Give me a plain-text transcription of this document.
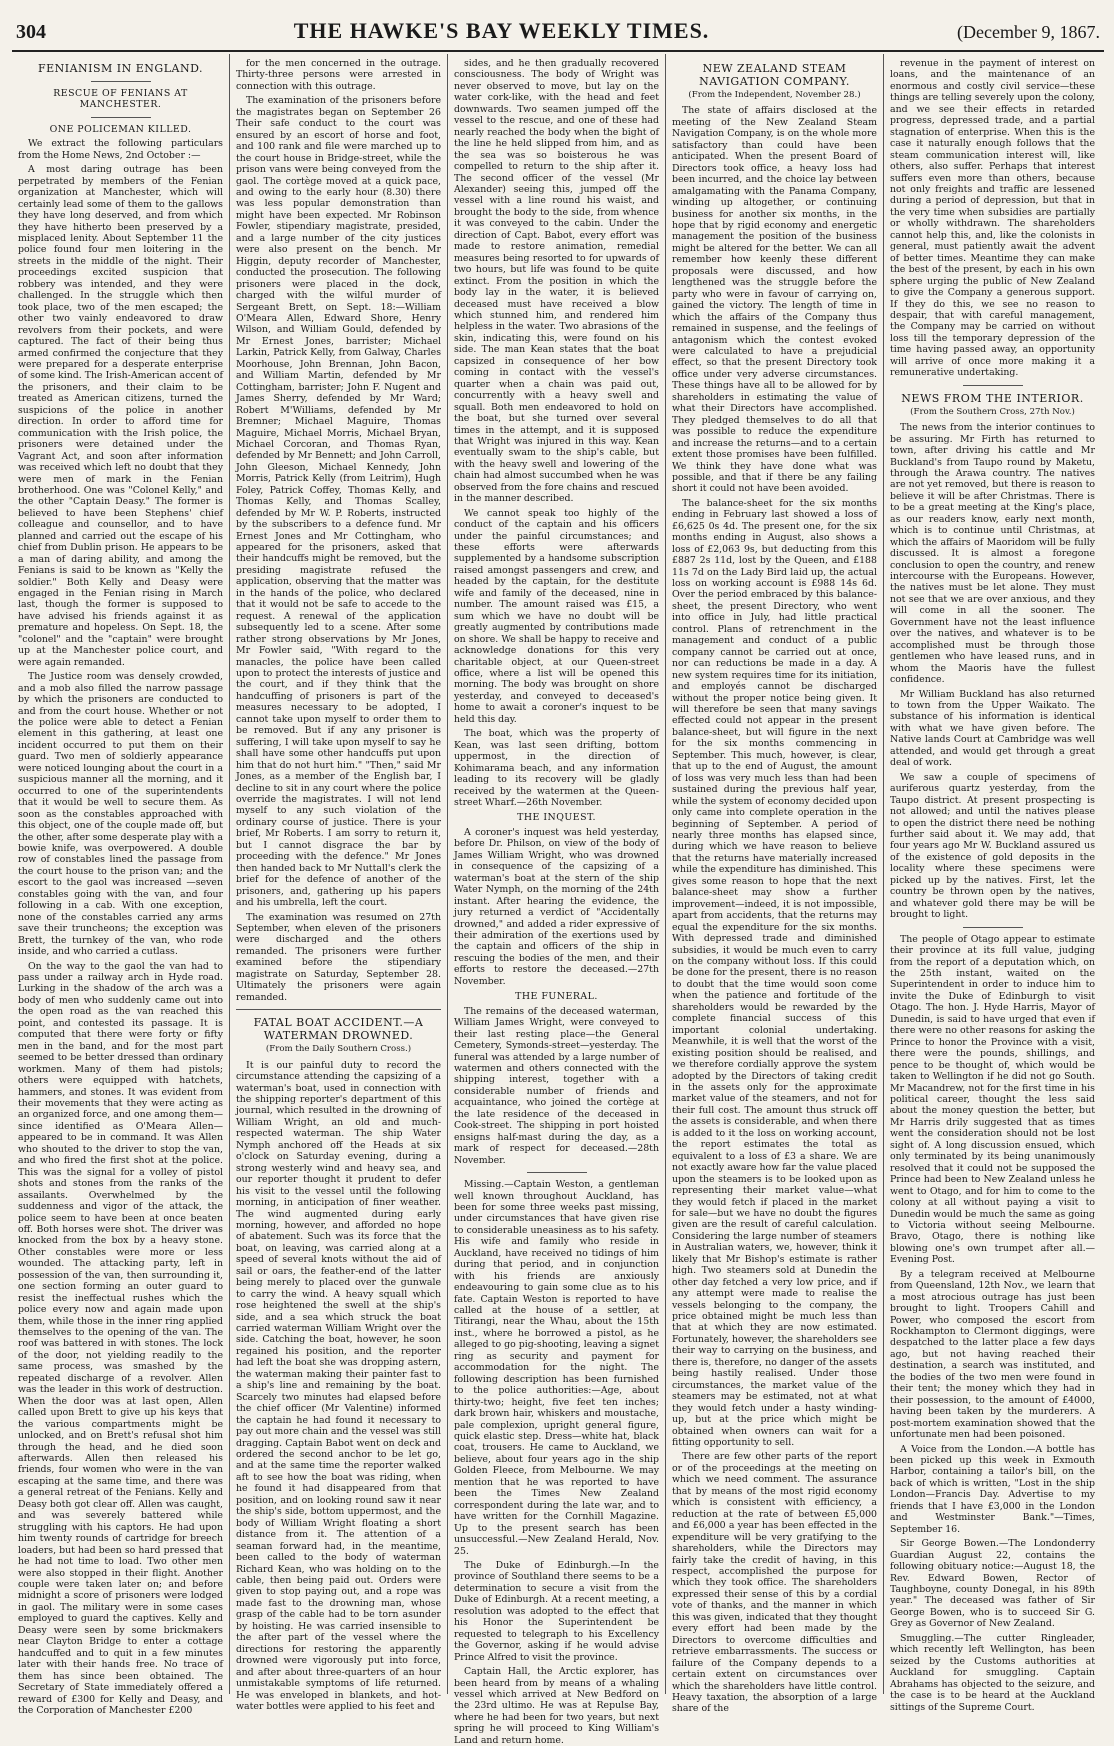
304	THE HAWKE'S BAY WEEKLY TIMES.	(December 9, 1867.
FENIANISM IN ENGLAND.
RESCUE OF FENIANS AT MANCHESTER.
ONE POLICEMAN KILLED.

We extract the following particulars from the Home News, 2nd October :—

A most daring outrage has been perpetrated by members of the Fenian organization at Manchester, which will certainly lead some of them to the gallows they have long deserved, and from which they have hitherto been preserved by a misplaced lenity. About September 11 the police found four men loitering in the streets in the middle of the night. Their proceedings excited suspicion that robbery was intended, and they were challenged. In the struggle which then took place, two of the men escaped; the other two vainly endeavored to draw revolvers from their pockets, and were captured. The fact of their being thus armed confirmed the conjecture that they were prepared for a desperate enterprise of some kind. The Irish-American accent of the prisoners, and their claim to be treated as American citizens, turned the suspicions of the police in another direction. In order to afford time for communication with the Irish police, the prisoners were detained under the Vagrant Act, and soon after information was received which left no doubt that they were men of mark in the Fenian brotherhood. One was "Colonel Kelly," and the other "Captain Deasy." The former is believed to have been Stephens' chief colleague and counsellor, and to have planned and carried out the escape of his chief from Dublin prison. He appears to be a man of daring ability, and among the Fenians is said to be known as "Kelly the soldier." Both Kelly and Deasy were engaged in the Fenian rising in March last, though the former is supposed to have advised his friends against it as premature and hopeless. On Sept. 18, the "colonel" and the "captain" were brought up at the Manchester police court, and were again remanded.

The Justice room was densely crowded, and a mob also filled the narrow passage by which the prisoners are conducted to and from the court house. Whether or not the police were able to detect a Fenian element in this gathering, at least one incident occurred to put them on their guard. Two men of soldierly appearance were noticed lounging about the court in a suspicious manner all the morning, and it occurred to one of the superintendents that it would be well to secure them. As soon as the constables approached with this object, one of the couple made off, but the other, after some desperate play with a bowie knife, was overpowered. A double row of constables lined the passage from the court house to the prison van; and the escort to the gaol was increased —seven constables going with the van, and four following in a cab. With one exception, none of the constables carried any arms save their truncheons; the exception was Brett, the turnkey of the van, who rode inside, and who carried a cutlass.

On the way to the gaol the van had to pass under a railway arch in Hyde road. Lurking in the shadow of the arch was a body of men who suddenly came out into the open road as the van reached this point, and contested its passage. It is computed that there were forty or fifty men in the band, and for the most part seemed to be better dressed than ordinary workmen. Many of them had pistols; others were equipped with hatchets, hammers, and stones. It was evident from their movements that they were acting as an organized force, and one among them—since identified as O'Meara Allen—appeared to be in command. It was Allen who shouted to the driver to stop the van, and who fired the first shot at the police. This was the signal for a volley of pistol shots and stones from the ranks of the assailants. Overwhelmed by the suddenness and vigor of the attack, the police seem to have been at once beaten off. Both horses were shot. The driver was knocked from the box by a heavy stone. Other constables were more or less wounded. The attacking party, left in possession of the van, then surrounding it, one section forming an outer guard to resist the ineffectual rushes which the police every now and again made upon them, while those in the inner ring applied themselves to the opening of the van. The roof was battered in with stones. The lock of the door, not yielding readily to the same process, was smashed by the repeated discharge of a revolver. Allen was the leader in this work of destruction. When the door was at last open, Allen called upon Brett to give up his keys that the various compartments might be unlocked, and on Brett's refusal shot him through the head, and he died soon afterwards. Allen then released his friends, four women who were in the van escaping at the same time, and there was a general retreat of the Fenians. Kelly and Deasy both got clear off. Allen was caught, and was severely battered while struggling with his captors. He had upon him twenty rounds of cartridge for breech loaders, but had been so hard pressed that he had not time to load. Two other men were also stopped in their flight. Another couple were taken later on; and before midnight a score of prisoners were lodged in gaol. The military were in some cases employed to guard the captives. Kelly and Deasy were seen by some brickmakers near Clayton Bridge to enter a cottage handcuffed and to quit in a few minutes later with their hands free. No trace of them has since been obtained. The Secretary of State immediately offered a reward of £300 for Kelly and Deasy, and the Corporation of Manchester £200

for the men concerned in the outrage. Thirty-three persons were arrested in connection with this outrage.

The examination of the prisoners before the magistrates began on September 26 Their safe conduct to the court was ensured by an escort of horse and foot, and 100 rank and file were marched up to the court house in Bridge-street, while the prison vans were being conveyed from the gaol. The cortège moved at a quick pace, and owing to the early hour (8.30) there was less popular demonstration than might have been expected. Mr Robinson Fowler, stipendiary magistrate, presided, and a large number of the city justices were also present on the bench. Mr Higgin, deputy recorder of Manchester, conducted the prosecution. The following prisoners were placed in the dock, charged with the wilful murder of Sergeant Brett, on Sept. 18:—William O'Meara Allen, Edward Shore, Henry Wilson, and William Gould, defended by Mr Ernest Jones, barrister; Michael Larkin, Patrick Kelly, from Galway, Charles Moorhouse, John Brennan, John Bacon, and William Martin, defended by Mr Cottingham, barrister; John F. Nugent and James Sherry, defended by Mr Ward; Robert M'Williams, defended by Mr Bremner; Michael Maguire, Thomas Maguire, Michael Morris, Michael Bryan, Michael Corcoran, and Thomas Ryan, defended by Mr Bennett; and John Carroll, John Gleeson, Michael Kennedy, John Morris, Patrick Kelly (from Leitrim), Hugh Foley, Patrick Coffey, Thomas Kelly, and Thomas Kelly, and Thomas Scalley, defended by Mr W. P. Roberts, instructed by the subscribers to a defence fund. Mr Ernest Jones and Mr Cottingham, who appeared for the prisoners, asked that their handcuffs might be removed, but the presiding magistrate refused the application, observing that the matter was in the hands of the police, who declared that it would not be safe to accede to the request. A renewal of the application subsequently led to a scene. After some rather strong observations by Mr Jones, Mr Fowler said, "With regard to the manacles, the police have been called upon to protect the interests of justice and the court, and if they think that the handcuffing of prisoners is part of the measures necessary to be adopted, I cannot take upon myself to order them to be removed. But if any any prisoner is suffering, I will take upon myself to say he shall have some other handcuffs put upon him that do not hurt him." "Then," said Mr Jones, as a member of the English bar, I decline to sit in any court where the police override the magistrates. I will not lend myself to any such violation of the ordinary course of justice. There is your brief, Mr Roberts. I am sorry to return it, but I cannot disgrace the bar by proceeding with the defence." Mr Jones then handed back to Mr Nuttall's clerk the brief for the defence of another of the prisoners, and, gathering up his papers and his umbrella, left the court.

The examination was resumed on 27th September, when eleven of the prisoners were discharged and the others remanded. The prisoners were further examined before the stipendiary magistrate on Saturday, September 28. Ultimately the prisoners were again remanded.

FATAL BOAT ACCIDENT.—A WATERMAN DROWNED.
(From the Daily Southern Cross.)

It is our painful duty to record the circumstance attending the capsizing of a waterman's boat, used in connection with the shipping reporter's department of this journal, which resulted in the drowning of William Wright, an old and much-respected waterman. The ship Water Nymph anchored off the Heads at six o'clock on Saturday evening, during a strong westerly wind and heavy sea, and our reporter thought it prudent to defer his visit to the vessel until the following morning, in anticipation of finer weather. The wind augmented during early morning, however, and afforded no hope of abatement. Such was its force that the boat, on leaving, was carried along at a speed of several knots without the aid of sail or oars, the feather-end of the latter being merely to placed over the gunwale to carry the wind. A heavy squall which rose heightened the swell at the ship's side, and a sea which struck the boat carried waterman William Wright over the side. Catching the boat, however, he soon regained his position, and the reporter had left the boat she was dropping astern, the waterman making their painter fast to a ship's line and remaining by the boat. Scarcely two minutes had elapsed before the chief officer (Mr Valentine) informed the captain he had found it necessary to pay out more chain and the vessel was still dragging. Captain Babot went on deck and ordered the second anchor to be let go, and at the same time the reporter walked aft to see how the boat was riding, when he found it had disappeared from that position, and on looking round saw it near the ship's side, bottom uppermost, and the body of William Wright floating a short distance from it. The attention of a seaman forward had, in the meantime, been called to the body of waterman Richard Kean, who was holding on to the cable, then being paid out. Orders were given to stop paying out, and a rope was made fast to the drowning man, whose grasp of the cable had to be torn asunder by hoisting. He was carried insensible to the after part of the vessel where the directions for restoring the apparently drowned were vigorously put into force, and after about three-quarters of an hour unmistakable symptoms of life returned. He was enveloped in blankets, and hot-water bottles were applied to his feet and

sides, and he then gradually recovered consciousness. The body of Wright was never observed to move, but lay on the water cork-like, with the head and feet downwards. Two seamen jumped off the vessel to the rescue, and one of these had nearly reached the body when the bight of the line he held slipped from him, and as the sea was so boisterous he was compelled to return to the ship after it. The second officer of the vessel (Mr Alexander) seeing this, jumped off the vessel with a line round his waist, and brought the body to the side, from whence it was conveyed to the cabin. Under the direction of Capt. Babot, every effort was made to restore animation, remedial measures being resorted to for upwards of two hours, but life was found to be quite extinct. From the position in which the body lay in the water, it is believed deceased must have received a blow which stunned him, and rendered him helpless in the water. Two abrasions of the skin, indicating this, were found on his side. The man Kean states that the boat capsized in consequence of her bow coming in contact with the vessel's quarter when a chain was paid out, concurrently with a heavy swell and squall. Both men endeavored to hold on the boat, but she turned over several times in the attempt, and it is supposed that Wright was injured in this way. Kean eventually swam to the ship's cable, but with the heavy swell and lowering of the chain had almost succumbed when he was observed from the fore chains and rescued in the manner described.

We cannot speak too highly of the conduct of the captain and his officers under the painful circumstances; and these efforts were afterwards supplemented by a handsome subscription raised amongst passengers and crew, and headed by the captain, for the destitute wife and family of the deceased, nine in number. The amount raised was £15, a sum which we have no doubt will be greatly augmented by contributions made on shore. We shall be happy to receive and acknowledge donations for this very charitable object, at our Queen-street office, where a list will be opened this morning. The body was brought on shore yesterday, and conveyed to deceased's home to await a coroner's inquest to be held this day.

The boat, which was the property of Kean, was last seen drifting, bottom uppermost, in the direction of Kohimarama beach, and any information leading to its recovery will be gladly received by the watermen at the Queen-street Wharf.—26th November.

THE INQUEST.

A coroner's inquest was held yesterday, before Dr. Philson, on view of the body of James William Wright, who was drowned in consequence of the capsizing of a waterman's boat at the stern of the ship Water Nymph, on the morning of the 24th instant. After hearing the evidence, the jury returned a verdict of "Accidentally drowned," and added a rider expressive of their admiration of the exertions used by the captain and officers of the ship in rescuing the bodies of the men, and their efforts to restore the deceased.—27th November.

THE FUNERAL.

The remains of the deceased waterman, William James Wright, were conveyed to their last resting place—the General Cemetery, Symonds-street—yesterday. The funeral was attended by a large number of watermen and others connected with the shipping interest, together with a considerable number of friends and acquaintance, who joined the cortège at the late residence of the deceased in Cook-street. The shipping in port hoisted ensigns half-mast during the day, as a mark of respect for deceased.—28th November.

Missing.—Captain Weston, a gentleman well known throughout Auckland, has been for some three weeks past missing, under circumstances that have given rise to considerable uneasiness as to his safety. His wife and family who reside in Auckland, have received no tidings of him during that period, and in conjunction with his friends are anxiously endeavouring to gain some clue as to his fate. Captain Weston is reported to have called at the house of a settler, at Titirangi, near the Whau, about the 15th inst., where he borrowed a pistol, as he alleged to go pig-shooting, leaving a signet ring as security and payment for accommodation for the night. The following description has been furnished to the police authorities:—Age, about thirty-two; height, five feet ten inches; dark brown hair, whiskers and moustache, pale complexion, upright general figure, quick elastic step. Dress—white hat, black coat, trousers. He came to Auckland, we believe, about four years ago in the ship Golden Fleece, from Melbourne. We may mention that he was reported to have been the Times New Zealand correspondent during the late war, and to have written for the Cornhill Magazine. Up to the present search has been unsuccessful.—New Zealand Herald, Nov. 25.

The Duke of Edinburgh.—In the province of Southland there seems to be a determination to secure a visit from the Duke of Edinburgh. At a recent meeting, a resolution was adopted to the effect that his Honor the Superintendent be requested to telegraph to his Excellency the Governor, asking if he would advise Prince Alfred to visit the province.

Captain Hall, the Arctic explorer, has been heard from by means of a whaling vessel which arrived at New Bedford on the 23rd ultimo. He was at Repulse Bay, where he had been for two years, but next spring he will proceed to King William's Land and return home.

NEW ZEALAND STEAM NAVIGATION COMPANY.
(From the Independent, November 28.)

The state of affairs disclosed at the meeting of the New Zealand Steam Navigation Company, is on the whole more satisfactory than could have been anticipated. When the present Board of Directors took office, a heavy loss had been incurred, and the choice lay between amalgamating with the Panama Company, winding up altogether, or continuing business for another six months, in the hope that by rigid economy and energetic management the position of the business might be altered for the better. We can all remember how keenly these different proposals were discussed, and how lengthened was the struggle before the party who were in favour of carrying on, gained the victory. The length of time in which the affairs of the Company thus remained in suspense, and the feelings of antagonism which the contest evoked were calculated to have a prejudicial effect, so that the present Directory took office under very adverse circumstances. These things have all to be allowed for by shareholders in estimating the value of what their Directors have accomplished. They pledged themselves to do all that was possible to reduce the expenditure and increase the returns—and to a certain extent those promises have been fulfilled. We think they have done what was possible, and that if there be any failing short it could not have been avoided.

The balance-sheet for the six months ending in February last showed a loss of £6,625 0s 4d. The present one, for the six months ending in August, also shows a loss of £2,063 9s, but deducting from this £887 2s 11d, lost by the Queen, and £188 11s 7d on the Lady Bird laid up, the actual loss on working account is £988 14s 6d. Over the period embraced by this balance-sheet, the present Directory, who went into office in July, had little practical control. Plans of retrenchment in the management and conduct of a public company cannot be carried out at once, nor can reductions be made in a day. A new system requires time for its initiation, and employés cannot be discharged without the proper notice being given. It will therefore be seen that many savings effected could not appear in the present balance-sheet, but will figure in the next for the six months commencing in September. This much, however, is clear, that up to the end of August, the amount of loss was very much less than had been sustained during the previous half year, while the system of economy decided upon only came into complete operation in the beginning of September. A period of nearly three months has elapsed since, during which we have reason to believe that the returns have materially increased while the expenditure has diminished. This gives some reason to hope that the next balance-sheet may show a further improvement—indeed, it is not impossible, apart from accidents, that the returns may equal the expenditure for the six months. With depressed trade and diminished subsidies, it would be much even to carry on the company without loss. If this could be done for the present, there is no reason to doubt that the time would soon come when the patience and fortitude of the shareholders would be rewarded by the complete financial success of this important colonial undertaking. Meanwhile, it is well that the worst of the existing position should be realised, and we therefore cordially approve the system adopted by the Directors of taking credit in the assets only for the approximate market value of the steamers, and not for their full cost. The amount thus struck off the assets is considerable, and when there is added to it the loss on working account, the report estimates the total as equivalent to a loss of £3 a share. We are not exactly aware how far the value placed upon the steamers is to be looked upon as representing their market value—what they would fetch if placed in the market for sale—but we have no doubt the figures given are the result of careful calculation. Considering the large number of steamers in Australian waters, we, however, think it likely that Mr Bishop's estimate is rather high. Two steamers sold at Dunedin the other day fetched a very low price, and if any attempt were made to realise the vessels belonging to the company, the price obtained might be much less than that at which they are now estimated. Fortunately, however, the shareholders see their way to carrying on the business, and there is, therefore, no danger of the assets being hastily realised. Under those circumstances, the market value of the steamers may be estimated, not at what they would fetch under a hasty winding-up, but at the price which might be obtained when owners can wait for a fitting opportunity to sell.

There are few other parts of the report or of the proceedings at the meeting on which we need comment. The assurance that by means of the most rigid economy which is consistent with efficiency, a reduction at the rate of between £5,000 and £6,000 a year has been effected in the expenditure will be very gratifying to the shareholders, while the Directors may fairly take the credit of having, in this respect, accomplished the purpose for which they took office. The shareholders expressed their sense of this by a cordial vote of thanks, and the manner in which this was given, indicated that they thought every effort had been made by the Directors to overcome difficulties and retrieve embarrassments. The success or failure of the Company depends to a certain extent on circumstances over which the shareholders have little control. Heavy taxation, the absorption of a large share of the

revenue in the payment of interest on loans, and the maintenance of an enormous and costly civil service—these things are telling severely upon the colony, and we see their effects in retarded progress, depressed trade, and a partial stagnation of enterprise. When this is the case it naturally enough follows that the steam communication interest will, like others, also suffer. Perhaps that interest suffers even more than others, because not only freights and traffic are lessened during a period of depression, but that in the very time when subsidies are partially or wholly withdrawn. The shareholders cannot help this, and, like the colonists in general, must patiently await the advent of better times. Meantime they can make the best of the present, by each in his own sphere urging the public of New Zealand to give the Company a generous support. If they do this, we see no reason to despair, that with careful management, the Company may be carried on without loss till the temporary depression of the time having passed away, an opportunity will arrive of once more making it a remunerative undertaking.

NEWS FROM THE INTERIOR.
(From the Southern Cross, 27th Nov.)

The news from the interior continues to be assuring. Mr Firth has returned to town, after driving his cattle and Mr Buckland's from Taupo round by Maketu, through the Arawa country. The natives are not yet removed, but there is reason to believe it will be after Christmas. There is to be a great meeting at the King's place, as our readers know, early next month, which is to continue until Christmas, at which the affairs of Maoridom will be fully discussed. It is almost a foregone conclusion to open the country, and renew intercourse with the Europeans. However, the natives must be let alone. They must not see that we are over anxious, and they will come in all the sooner. The Government have not the least influence over the natives, and whatever is to be accomplished must be through those gentlemen who have leased runs, and in whom the Maoris have the fullest confidence.

Mr William Buckland has also returned to town from the Upper Waikato. The substance of his information is identical with what we have given before. The Native lands Court at Cambridge was well attended, and would get through a great deal of work.

We saw a couple of specimens of auriferous quartz yesterday, from the Taupo district. At present prospecting is not allowed; and until the natives please to open the district there need be nothing further said about it. We may add, that four years ago Mr W. Buckland assured us of the existence of gold deposits in the locality where these specimens were picked up by the natives. First, let the country be thrown open by the natives, and whatever gold there may be will be brought to light.

The people of Otago appear to estimate their province at its full value, judging from the report of a deputation which, on the 25th instant, waited on the Superintendent in order to induce him to invite the Duke of Edinburgh to visit Otago. The hon. J. Hyde Harris, Mayor of Dunedin, is said to have urged that even if there were no other reasons for asking the Prince to honor the Province with a visit, there were the pounds, shillings, and pence to be thought of, which would be taken to Wellington if he did not go South. Mr Macandrew, not for the first time in his political career, thought the less said about the money question the better, but Mr Harris drily suggested that as times went the consideration should not be lost sight of. A long discussion ensued, which only terminated by its being unanimously resolved that it could not be supposed the Prince had been to New Zealand unless he went to Otago, and for him to come to the colony at all without paying a visit to Dunedin would be much the same as going to Victoria without seeing Melbourne. Bravo, Otago, there is nothing like blowing one's own trumpet after all.—Evening Post.

By a telegram received at Melbourne from Queensland, 12th Nov., we learn that a most atrocious outrage has just been brought to light. Troopers Cahill and Power, who composed the escort from Rockhampton to Clermont diggings, were despatched to the latter place a few days ago, but not having reached their destination, a search was instituted, and the bodies of the two men were found in their tent; the money which they had in their possession, to the amount of £4000, having been taken by the murderers. A post-mortem examination showed that the unfortunate men had been poisoned.

A Voice from the London.—A bottle has been picked up this week in Exmouth Harbor, containing a tailor's bill, on the back of which is written, "Lost in the ship London—Francis Day. Advertise to my friends that I have £3,000 in the London and Westminster Bank."—Times, September 16.

Sir George Bowen.—The Londonderry Guardian August 22, contains the following obituary notice:—August 18, the Rev. Edward Bowen, Rector of Taughboyne, county Donegal, in his 89th year." The deceased was father of Sir George Bowen, who is to succeed Sir G. Grey as Governor of New Zealand.

Smuggling.—The cutter Ringleader, which recently left Wellington, has been seized by the Customs authorities at Auckland for smuggling. Captain Abrahams has objected to the seizure, and the case is to be heard at the Auckland sittings of the Supreme Court.
